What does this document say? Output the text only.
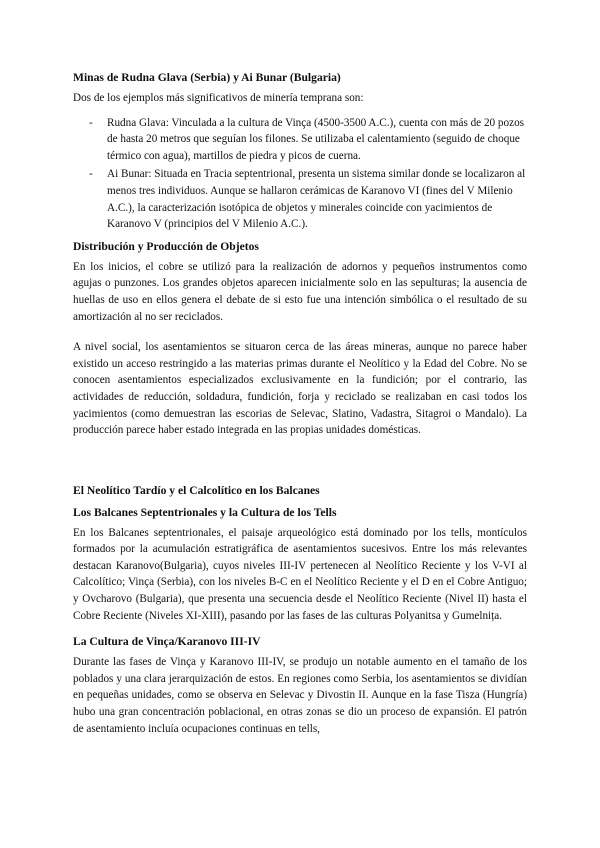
Minas de Rudna Glava (Serbia) y Ai Bunar (Bulgaria)

Dos de los ejemplos más significativos de minería temprana son:

- Rudna Glava: Vinculada a la cultura de Vinça (4500-3500 A.C.), cuenta con más de 20 pozos de hasta 20 metros que seguían los filones. Se utilizaba el calentamiento (seguido de choque térmico con agua), martillos de piedra y picos de cuerna.
- Ai Bunar: Situada en Tracia septentrional, presenta un sistema similar donde se localizaron al menos tres individuos. Aunque se hallaron cerámicas de Karanovo VI (fines del V Milenio A.C.), la caracterización isotópica de objetos y minerales coincide con yacimientos de Karanovo V (principios del V Milenio A.C.).
Distribución y Producción de Objetos

En los inicios, el cobre se utilizó para la realización de adornos y pequeños instrumentos como agujas o punzones. Los grandes objetos aparecen inicialmente solo en las sepulturas; la ausencia de huellas de uso en ellos genera el debate de si esto fue una intención simbólica o el resultado de su amortización al no ser reciclados.

A nivel social, los asentamientos se situaron cerca de las áreas mineras, aunque no parece haber existido un acceso restringido a las materias primas durante el Neolítico y la Edad del Cobre. No se conocen asentamientos especializados exclusivamente en la fundición; por el contrario, las actividades de reducción, soldadura, fundición, forja y reciclado se realizaban en casi todos los yacimientos (como demuestran las escorias de Selevac, Slatino, Vadastra, Sitagroi o Mandalo). La producción parece haber estado integrada en las propias unidades domésticas.

El Neolítico Tardío y el Calcolítico en los Balcanes
Los Balcanes Septentrionales y la Cultura de los Tells

En los Balcanes septentrionales, el paisaje arqueológico está dominado por los tells, montículos formados por la acumulación estratigráfica de asentamientos sucesivos. Entre los más relevantes destacan Karanovo(Bulgaria), cuyos niveles III-IV pertenecen al Neolítico Reciente y los V-VI al Calcolítico; Vinça (Serbia), con los niveles B-C en el Neolítico Reciente y el D en el Cobre Antiguo; y Ovcharovo (Bulgaria), que presenta una secuencia desde el Neolítico Reciente (Nivel II) hasta el Cobre Reciente (Niveles XI-XIII), pasando por las fases de las culturas Polyanitsa y Gumelnița.

La Cultura de Vinça/Karanovo III-IV

Durante las fases de Vinça y Karanovo III-IV, se produjo un notable aumento en el tamaño de los poblados y una clara jerarquización de estos. En regiones como Serbia, los asentamientos se dividían en pequeñas unidades, como se observa en Selevac y Divostin II. Aunque en la fase Tisza (Hungría) hubo una gran concentración poblacional, en otras zonas se dio un proceso de expansión. El patrón de asentamiento incluía ocupaciones continuas en tells,
